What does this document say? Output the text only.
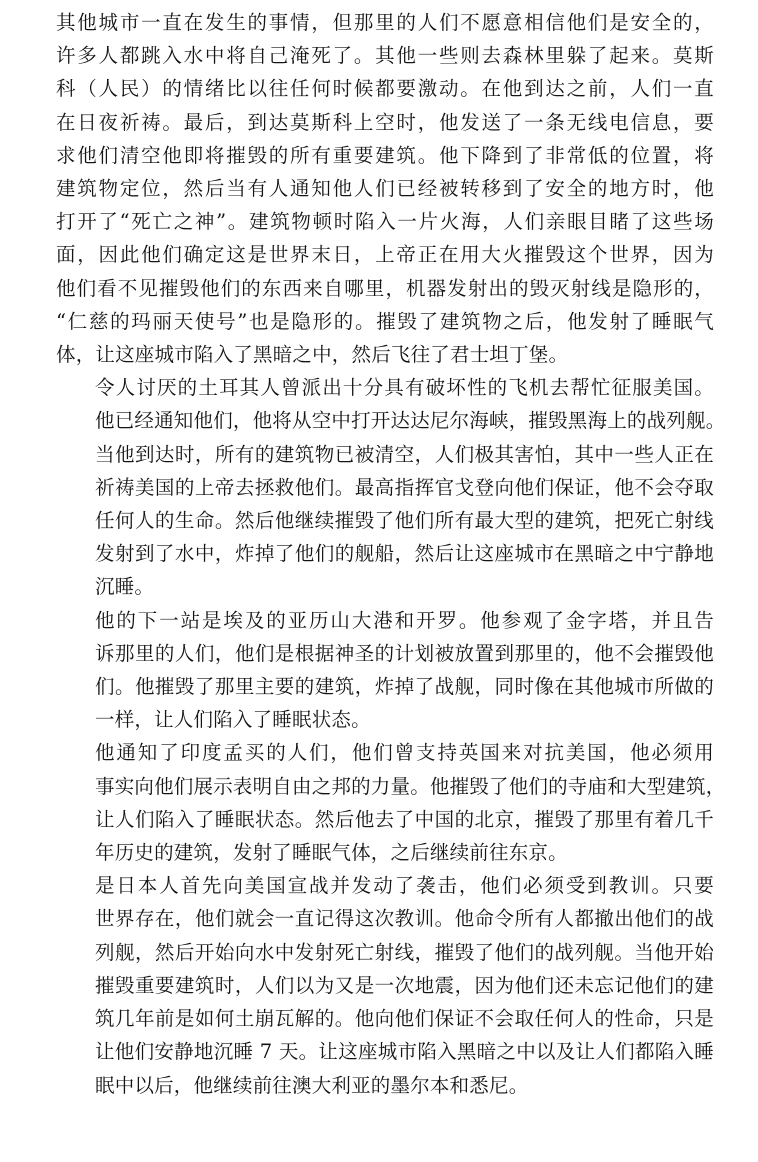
其他城市一直在发生的事情，但那里的人们不愿意相信他们是安全的，
许多人都跳入水中将自己淹死了。其他一些则去森林里躲了起来。莫斯
科（人民）的情绪比以往任何时候都要激动。在他到达之前，人们一直
在日夜祈祷。最后，到达莫斯科上空时，他发送了一条无线电信息，要
求他们清空他即将摧毁的所有重要建筑。他下降到了非常低的位置，将
建筑物定位，然后当有人通知他人们已经被转移到了安全的地方时，他
打开了“死亡之神”。建筑物顿时陷入一片火海，人们亲眼目睹了这些场
面，因此他们确定这是世界末日，上帝正在用大火摧毁这个世界，因为
他们看不见摧毁他们的东西来自哪里，机器发射出的毁灭射线是隐形的，
“仁慈的玛丽天使号”也是隐形的。摧毁了建筑物之后，他发射了睡眠气
体，让这座城市陷入了黑暗之中，然后飞往了君士坦丁堡。
令人讨厌的土耳其人曾派出十分具有破坏性的飞机去帮忙征服美国。
他已经通知他们，他将从空中打开达达尼尔海峡，摧毁黑海上的战列舰。
当他到达时，所有的建筑物已被清空，人们极其害怕，其中一些人正在
祈祷美国的上帝去拯救他们。最高指挥官戈登向他们保证，他不会夺取
任何人的生命。然后他继续摧毁了他们所有最大型的建筑，把死亡射线
发射到了水中，炸掉了他们的舰船，然后让这座城市在黑暗之中宁静地
沉睡。
他的下一站是埃及的亚历山大港和开罗。他参观了金字塔，并且告
诉那里的人们，他们是根据神圣的计划被放置到那里的，他不会摧毁他
们。他摧毁了那里主要的建筑，炸掉了战舰，同时像在其他城市所做的
一样，让人们陷入了睡眠状态。
他通知了印度孟买的人们，他们曾支持英国来对抗美国，他必须用
事实向他们展示表明自由之邦的力量。他摧毁了他们的寺庙和大型建筑，
让人们陷入了睡眠状态。然后他去了中国的北京，摧毁了那里有着几千
年历史的建筑，发射了睡眠气体，之后继续前往东京。
是日本人首先向美国宣战并发动了袭击，他们必须受到教训。只要
世界存在，他们就会一直记得这次教训。他命令所有人都撤出他们的战
列舰，然后开始向水中发射死亡射线，摧毁了他们的战列舰。当他开始
摧毁重要建筑时，人们以为又是一次地震，因为他们还未忘记他们的建
筑几年前是如何土崩瓦解的。他向他们保证不会取任何人的性命，只是
让他们安静地沉睡 7 天。让这座城市陷入黑暗之中以及让人们都陷入睡
眠中以后，他继续前往澳大利亚的墨尔本和悉尼。
